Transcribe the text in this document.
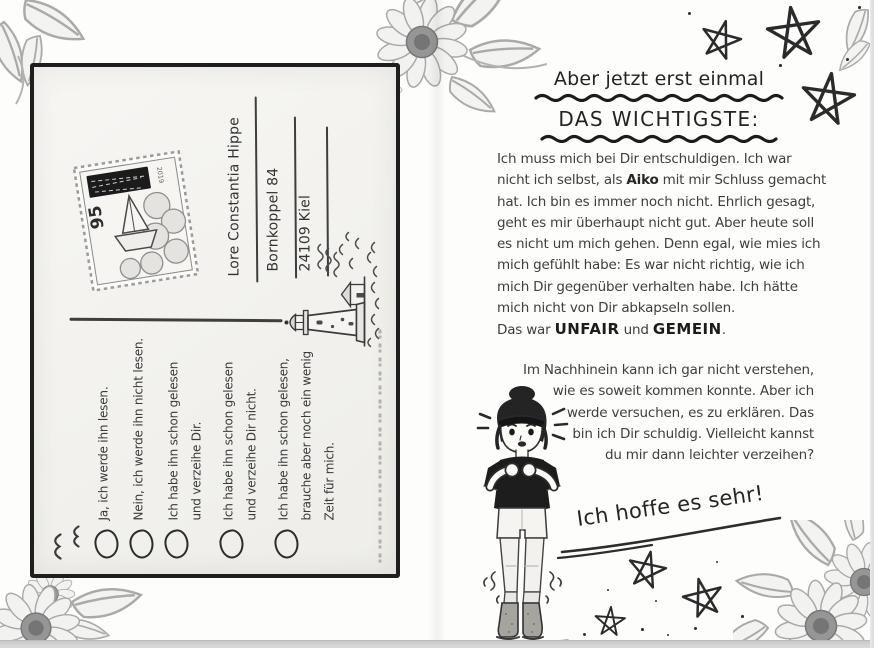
Lore Constantia Hippe Bornkoppel 84 24109 Kiel
Ja, ich werde ihn lesen.	Nein, ich werde ihn nicht lesen.	Ich habe ihn schon gelesen und verzeihe Dir.	Ich habe ihn schon gelesen und verzeihe Dir nicht.	Ich habe ihn schon gelesen, brauche aber noch ein wenig Zeit für mich.
2019
95
Aber jetzt erst einmal
DAS WICHTIGSTE:
Ich muss mich bei Dir entschuldigen. Ich war
nicht ich selbst, als Aiko mit mir Schluss gemacht
hat. Ich bin es immer noch nicht. Ehrlich gesagt,
geht es mir überhaupt nicht gut. Aber heute soll
es nicht um mich gehen. Denn egal, wie mies ich
mich gefühlt habe: Es war nicht richtig, wie ich
mich Dir gegenüber verhalten habe. Ich hätte
mich nicht von Dir abkapseln sollen.
Das war UNFAIR und GEMEIN.
Im Nachhinein kann ich gar nicht verstehen,
wie es soweit kommen konnte. Aber ich
werde versuchen, es zu erklären. Das
bin ich Dir schuldig. Vielleicht kannst
du mir dann leichter verzeihen?
Ich hoffe es sehr!
